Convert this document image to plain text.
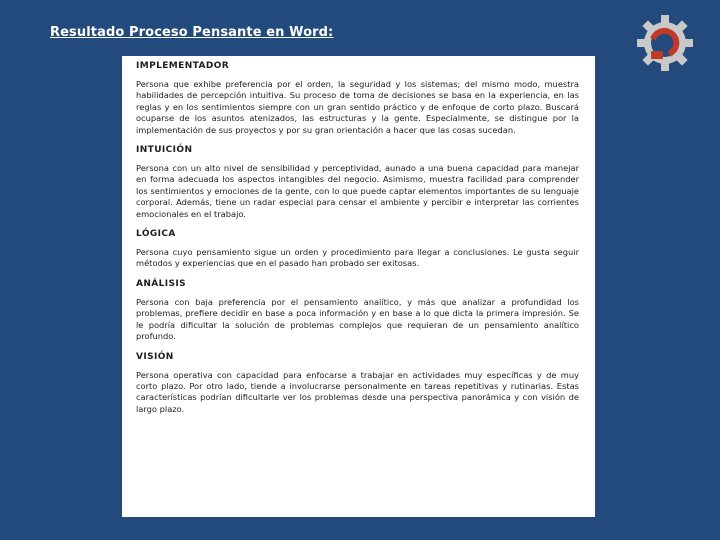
Resultado Proceso Pensante en Word:

IMPLEMENTADOR

Persona que exhibe preferencia por el orden, la seguridad y los sistemas; del mismo modo, muestra habilidades de percepción intuitiva. Su proceso de toma de decisiones se basa en la experiencia, en las reglas y en los sentimientos siempre con un gran sentido práctico y de enfoque de corto plazo. Buscará ocuparse de los asuntos atenizados, las estructuras y la gente. Especialmente, se distingue por la implementación de sus proyectos y por su gran orientación a hacer que las cosas sucedan.

INTUICIÓN

Persona con un alto nivel de sensibilidad y perceptividad, aunado a una buena capacidad para manejar en forma adecuada los aspectos intangibles del negocio. Asimismo, muestra facilidad para comprender los sentimientos y emociones de la gente, con lo que puede captar elementos importantes de su lenguaje corporal. Además, tiene un radar especial para censar el ambiente y percibir e interpretar las corrientes emocionales en el trabajo.

LÓGICA

Persona cuyo pensamiento sigue un orden y procedimiento para llegar a conclusiones. Le gusta seguir métodos y experiencias que en el pasado han probado ser exitosas.

ANÁLISIS

Persona con baja preferencia por el pensamiento analítico, y más que analizar a profundidad los problemas, prefiere decidir en base a poca información y en base a lo que dicta la primera impresión. Se le podría dificultar la solución de problemas complejos que requieran de un pensamiento analítico profundo.

VISIÓN

Persona operativa con capacidad para enfocarse a trabajar en actividades muy específicas y de muy corto plazo. Por otro lado, tiende a involucrarse personalmente en tareas repetitivas y rutinarias. Estas características podrían dificultarle ver los problemas desde una perspectiva panorámica y con visión de largo plazo.
